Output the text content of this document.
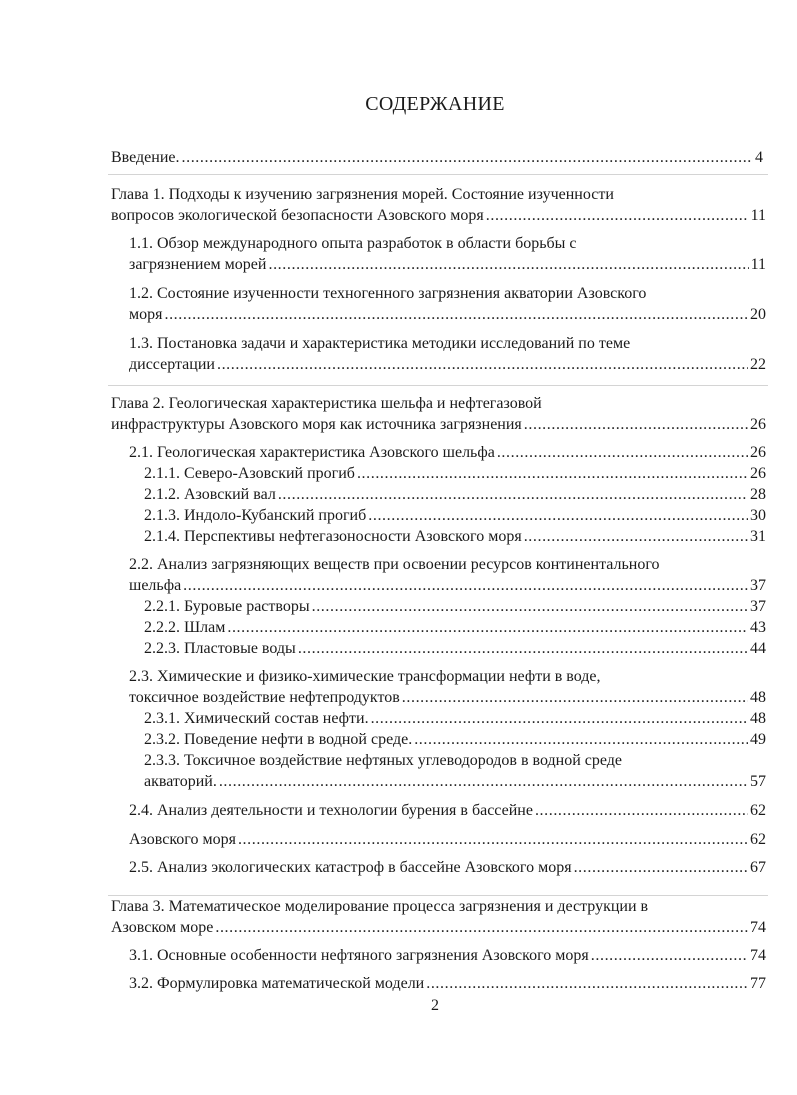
СОДЕРЖАНИЕ
Введение. .....	4
Глава 1. Подходы к изучению загрязнения морей. Состояние изученности
вопросов экологической безопасности Азовского моря .....	11
1.1. Обзор международного опыта разработок в области борьбы с
загрязнением морей .....	11
1.2. Состояние изученности техногенного загрязнения акватории Азовского
моря .....	20
1.3. Постановка задачи и характеристика методики исследований по теме
диссертации .....	22
Глава 2. Геологическая характеристика шельфа и нефтегазовой
инфраструктуры Азовского моря как источника загрязнения .....	26
2.1. Геологическая характеристика Азовского шельфа .....	26
2.1.1. Северо-Азовский прогиб .....	26
2.1.2. Азовский вал .....	28
2.1.3. Индоло-Кубанский прогиб .....	30
2.1.4. Перспективы нефтегазоносности Азовского моря .....	31
2.2. Анализ загрязняющих веществ при освоении ресурсов континентального
шельфа .....	37
2.2.1. Буровые растворы .....	37
2.2.2. Шлам .....	43
2.2.3. Пластовые воды .....	44
2.3. Химические и физико-химические трансформации нефти в воде,
токсичное воздействие нефтепродуктов .....	48
2.3.1. Химический состав нефти. .....	48
2.3.2. Поведение нефти в водной среде. .....	49
2.3.3. Токсичное воздействие нефтяных углеводородов в водной среде
акваторий. .....	57
2.4. Анализ деятельности и технологии бурения в бассейне .....	62
Азовского моря .....	62
2.5. Анализ экологических катастроф в бассейне Азовского моря .....	67
Глава 3. Математическое моделирование процесса загрязнения и деструкции в
Азовском море .....	74
3.1. Основные особенности нефтяного загрязнения Азовского моря .....	74
3.2. Формулировка математической модели .....	77
2
